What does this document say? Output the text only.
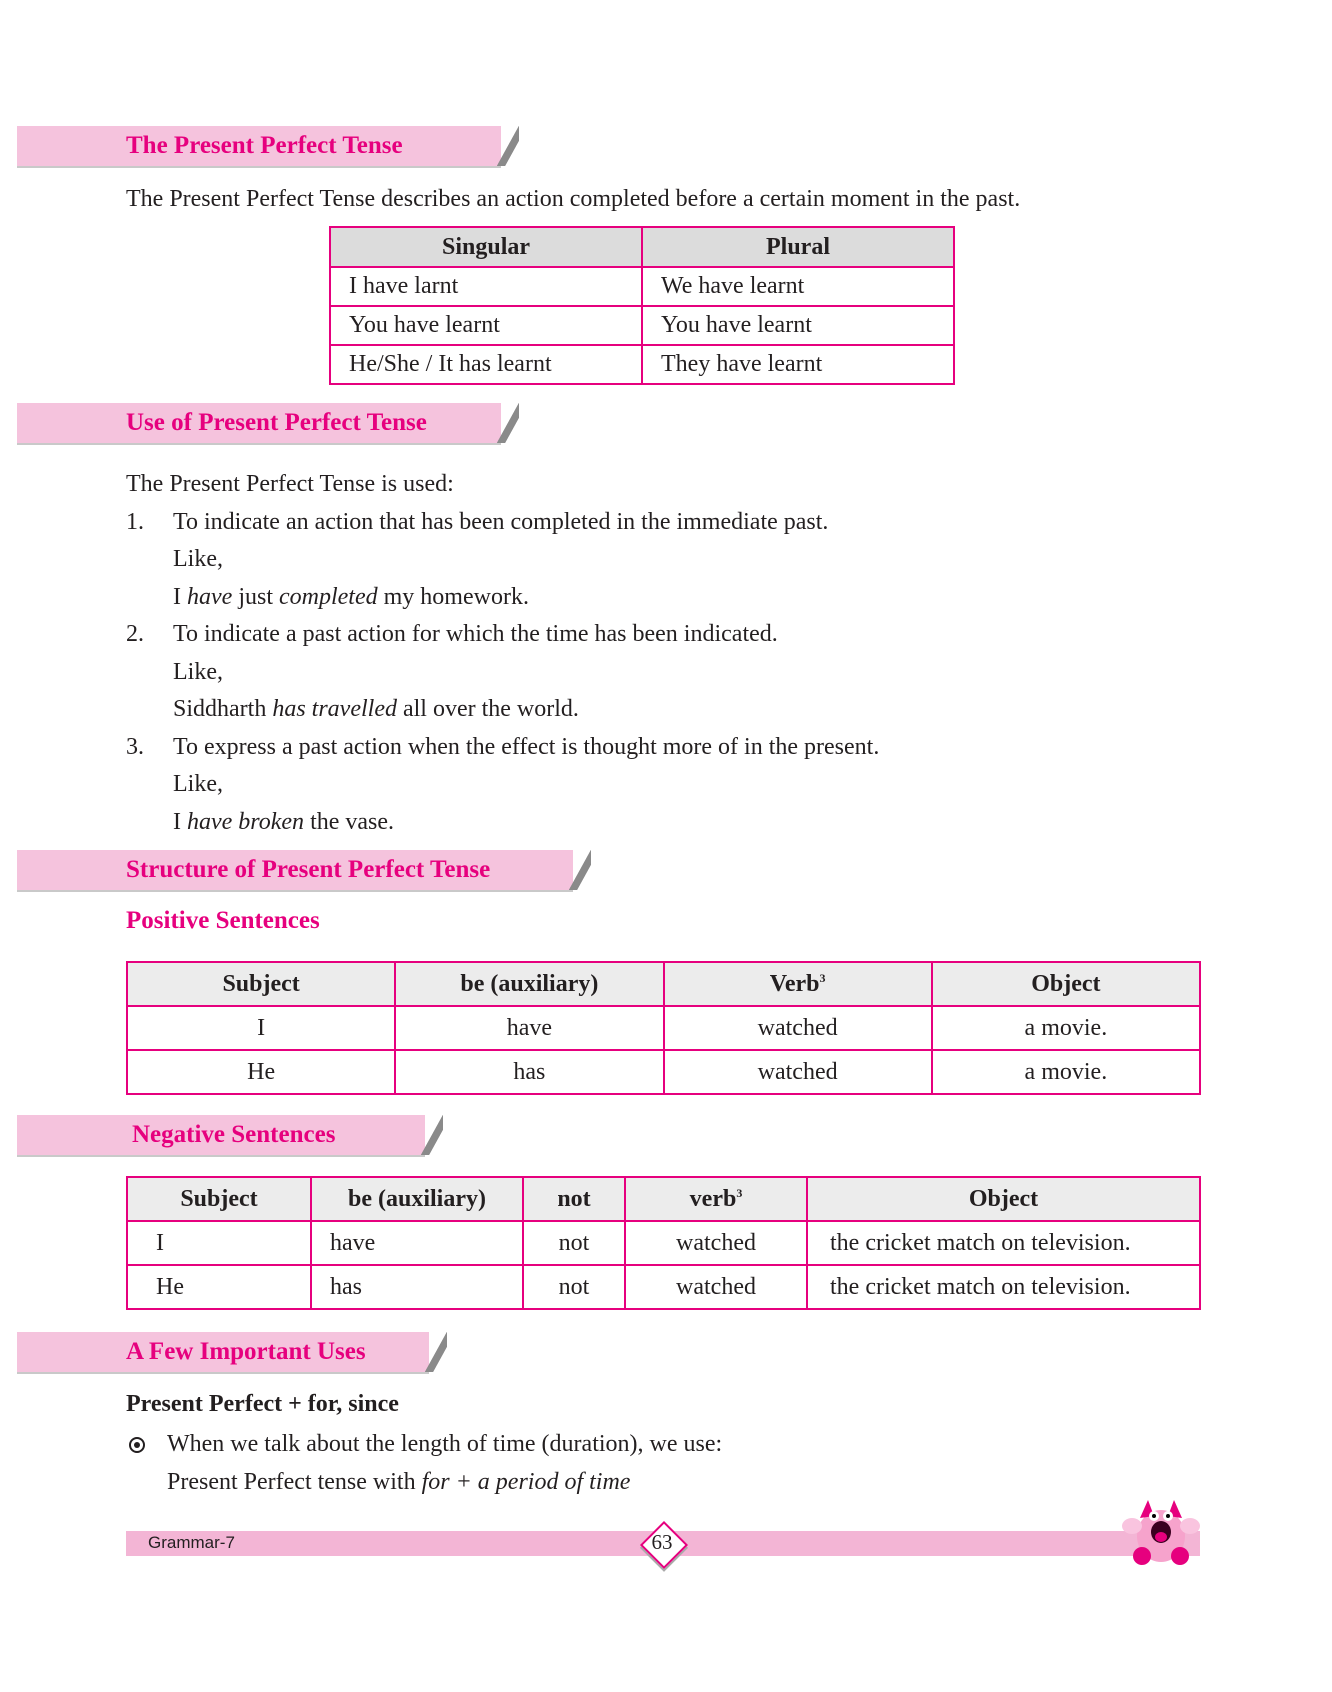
The Present Perfect Tense
The Present Perfect Tense describes an action completed before a certain moment in the past.
Singular	Plural
I have larnt	We have learnt
You have learnt	You have learnt
He/She / It has learnt	They have learnt
Use of Present Perfect Tense
The Present Perfect Tense is used:
1. To indicate an action that has been completed in the immediate past.
Like,
I have just completed my homework.
2. To indicate a past action for which the time has been indicated.
Like,
Siddharth has travelled all over the world.
3. To express a past action when the effect is thought more of in the present.
Like,
I have broken the vase.
Structure of Present Perfect Tense
Positive Sentences
Subject	be (auxiliary)	Verb$^3$	Object
I	have	watched	a movie.
He	has	watched	a movie.
Negative Sentences
Subject	be (auxiliary)	not	verb$^3$	Object
I	have	not	watched	the cricket match on television.
He	has	not	watched	the cricket match on television.
A Few Important Uses
Present Perfect + for, since
When we talk about the length of time (duration), we use:
Present Perfect tense with for + a period of time
Grammar-7	63
